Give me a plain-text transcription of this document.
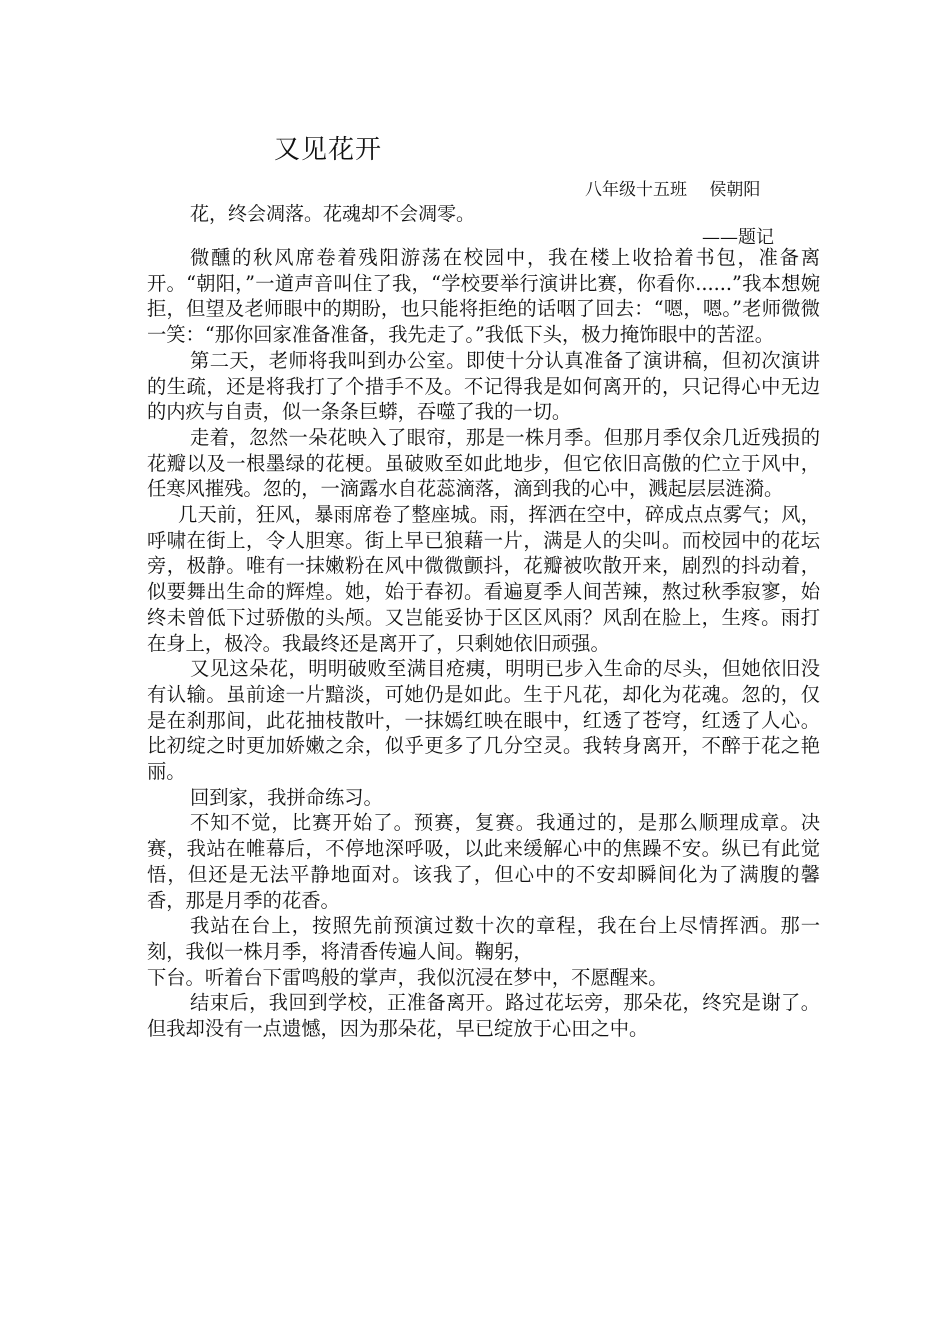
又见花开
八年级十五班　 侯朝阳

花，终会凋落。花魂却不会凋零。

——题记

微醺的秋风席卷着残阳游荡在校园中，我在楼上收拾着书包，准备离开。“朝阳，”一道声音叫住了我，“学校要举行演讲比赛，你看你......”我本想婉拒，但望及老师眼中的期盼，也只能将拒绝的话咽了回去：“嗯，嗯。”老师微微一笑：“那你回家准备准备，我先走了。”我低下头，极力掩饰眼中的苦涩。

第二天，老师将我叫到办公室。即使十分认真准备了演讲稿，但初次演讲的生疏，还是将我打了个措手不及。不记得我是如何离开的，只记得心中无边的内疚与自责，似一条条巨蟒，吞噬了我的一切。

走着，忽然一朵花映入了眼帘，那是一株月季。但那月季仅余几近残损的花瓣以及一根墨绿的花梗。虽破败至如此地步，但它依旧高傲的伫立于风中，任寒风摧残。忽的，一滴露水自花蕊滴落，滴到我的心中，溅起层层涟漪。

几天前，狂风，暴雨席卷了整座城。雨，挥洒在空中，碎成点点雾气；风，呼啸在街上，令人胆寒。街上早已狼藉一片，满是人的尖叫。而校园中的花坛旁，极静。唯有一抹嫩粉在风中微微颤抖，花瓣被吹散开来，剧烈的抖动着，似要舞出生命的辉煌。她，始于春初。看遍夏季人间苦辣，熬过秋季寂寥，始终未曾低下过骄傲的头颅。又岂能妥协于区区风雨？风刮在脸上，生疼。雨打在身上，极冷。我最终还是离开了，只剩她依旧顽强。

又见这朵花，明明破败至满目疮痍，明明已步入生命的尽头，但她依旧没有认输。虽前途一片黯淡，可她仍是如此。生于凡花，却化为花魂。忽的，仅是在刹那间，此花抽枝散叶，一抹嫣红映在眼中，红透了苍穹，红透了人心。比初绽之时更加娇嫩之余，似乎更多了几分空灵。我转身离开，不醉于花之艳丽。

回到家，我拼命练习。

不知不觉，比赛开始了。预赛，复赛。我通过的，是那么顺理成章。决赛，我站在帷幕后，不停地深呼吸，以此来缓解心中的焦躁不安。纵已有此觉悟，但还是无法平静地面对。该我了，但心中的不安却瞬间化为了满腹的馨香，那是月季的花香。

我站在台上，按照先前预演过数十次的章程，我在台上尽情挥洒。那一刻，我似一株月季，将清香传遍人间。鞠躬，

下台。听着台下雷鸣般的掌声，我似沉浸在梦中，不愿醒来。

结束后，我回到学校，正准备离开。路过花坛旁，那朵花，终究是谢了。但我却没有一点遗憾，因为那朵花，早已绽放于心田之中。
